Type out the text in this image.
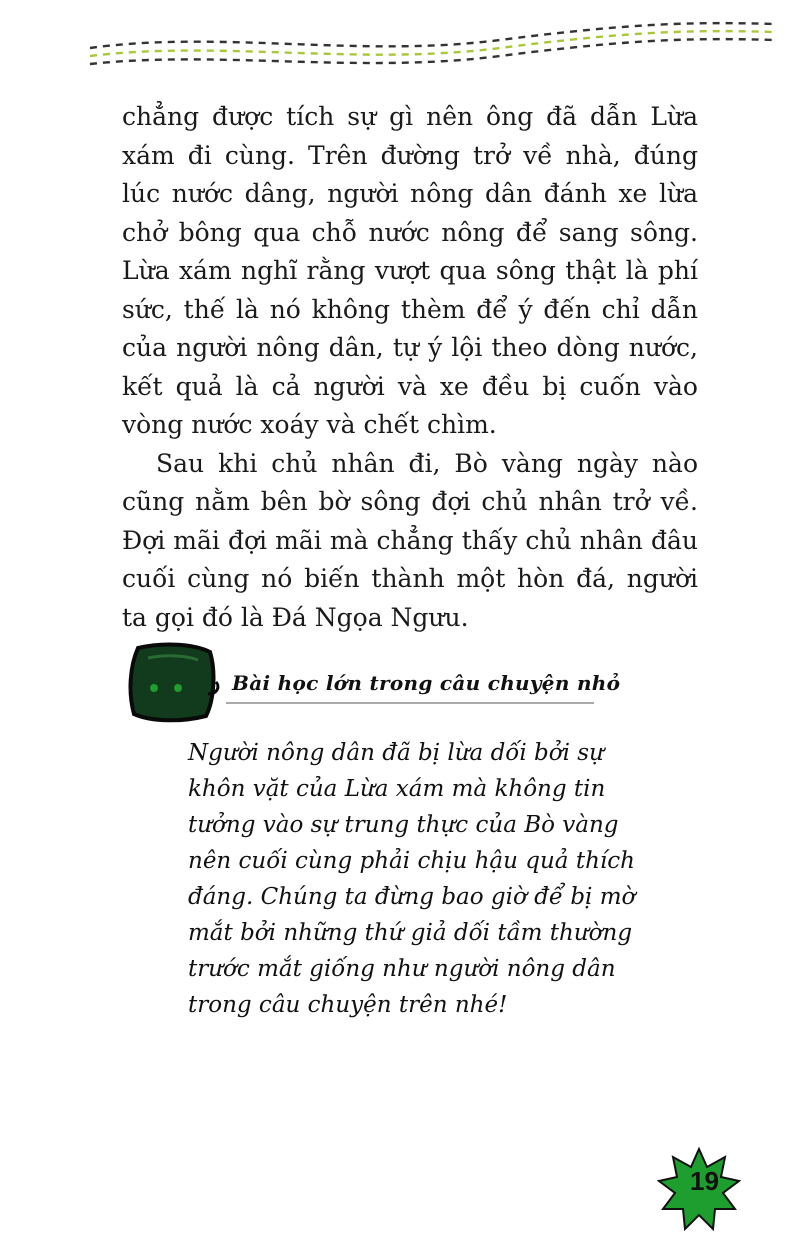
chẳng được tích sự gì nên ông đã dẫn Lừa xám đi cùng. Trên đường trở về nhà, đúng lúc nước dâng, người nông dân đánh xe lừa chở bông qua chỗ nước nông để sang sông. Lừa xám nghĩ rằng vượt qua sông thật là phí sức, thế là nó không thèm để ý đến chỉ dẫn của người nông dân, tự ý lội theo dòng nước, kết quả là cả người và xe đều bị cuốn vào vòng nước xoáy và chết chìm.

Sau khi chủ nhân đi, Bò vàng ngày nào cũng nằm bên bờ sông đợi chủ nhân trở về. Đợi mãi đợi mãi mà chẳng thấy chủ nhân đâu cuối cùng nó biến thành một hòn đá, người ta gọi đó là Đá Ngọa Ngưu.

Bài học lớn trong câu chuyện nhỏ
Người nông dân đã bị lừa dối bởi sự khôn vặt của Lừa xám mà không tin tưởng vào sự trung thực của Bò vàng nên cuối cùng phải chịu hậu quả thích đáng. Chúng ta đừng bao giờ để bị mờ mắt bởi những thứ giả dối tầm thường trước mắt giống như người nông dân trong câu chuyện trên nhé!
19
